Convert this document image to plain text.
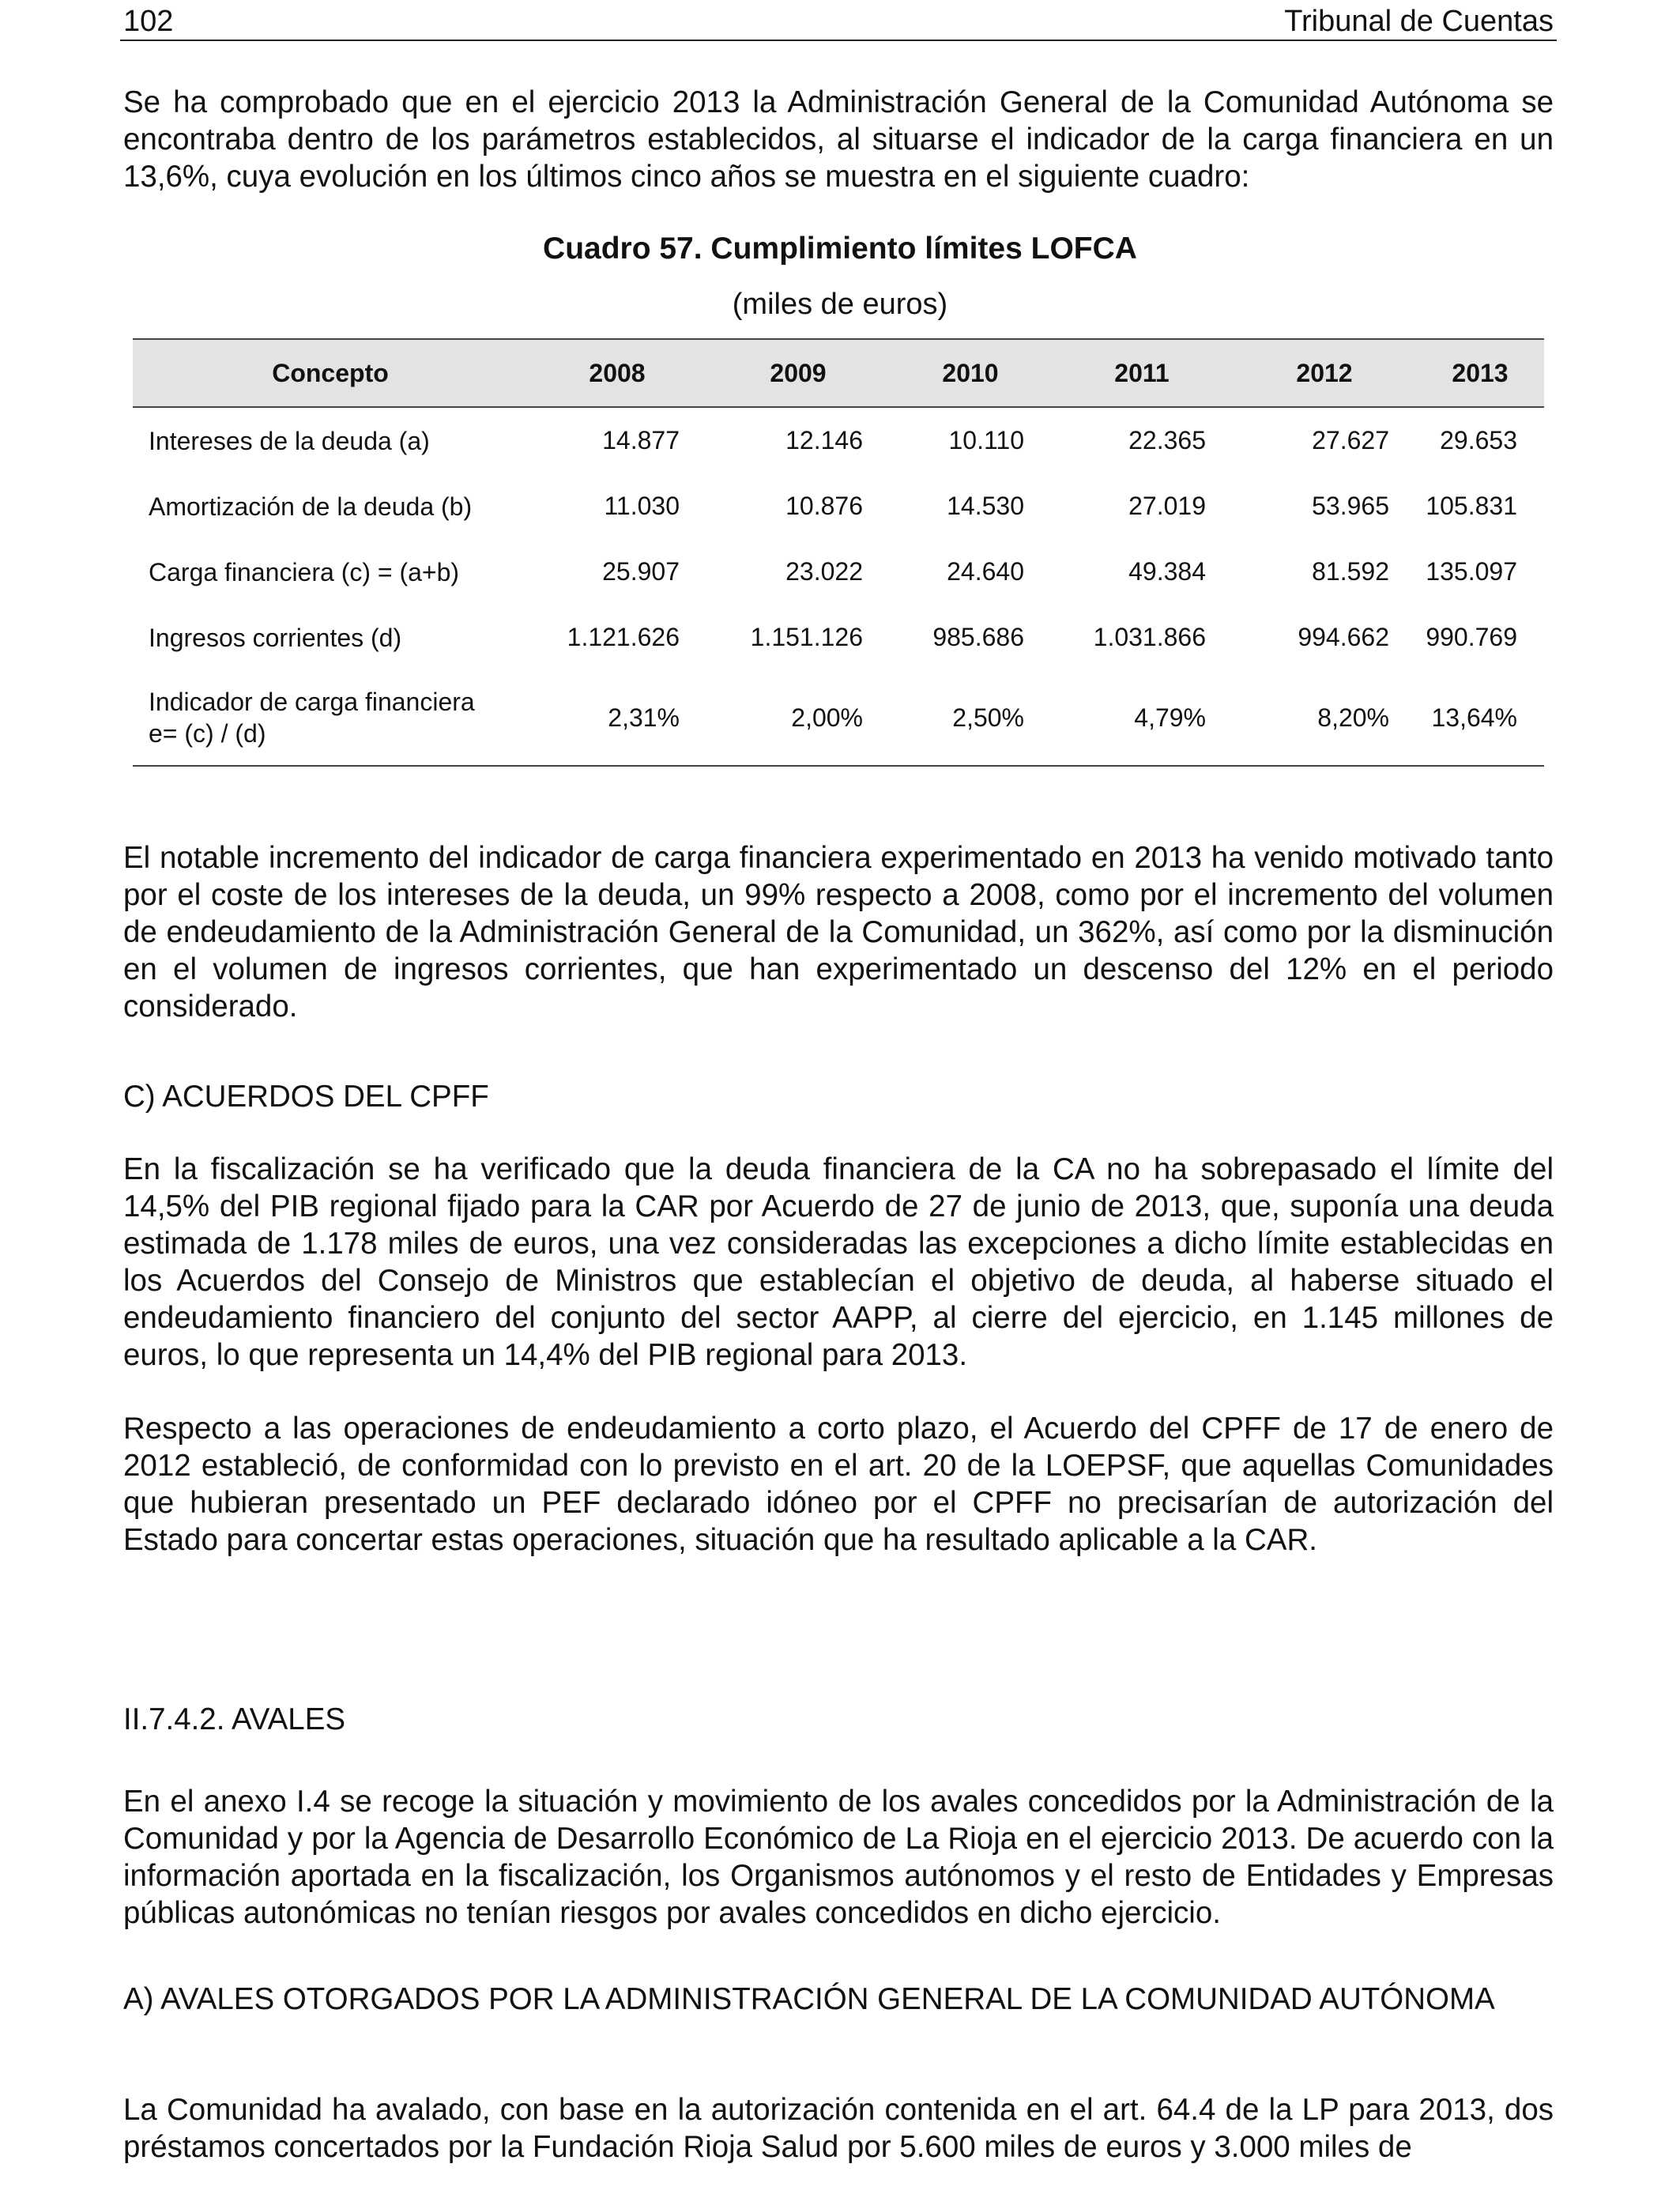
102	Tribunal de Cuentas

Se ha comprobado que en el ejercicio 2013 la Administración General de la Comunidad Autónoma se encontraba dentro de los parámetros establecidos, al situarse el indicador de la carga financiera en un 13,6%, cuya evolución en los últimos cinco años se muestra en el siguiente cuadro:

Cuadro 57. Cumplimiento límites LOFCA
(miles de euros)
Concepto	2008	2009	2010	2011	2012	2013
Intereses de la deuda (a)	14.877	12.146	10.110	22.365	27.627	29.653
Amortización de la deuda (b)	11.030	10.876	14.530	27.019	53.965	105.831
Carga financiera (c) = (a+b)	25.907	23.022	24.640	49.384	81.592	135.097
Ingresos corrientes (d)	1.121.626	1.151.126	985.686	1.031.866	994.662	990.769

Indicador de carga financiera
e= (c) / (d)	2,31%	2,00%	2,50%	4,79%	8,20%	13,64%

El notable incremento del indicador de carga financiera experimentado en 2013 ha venido motivado tanto por el coste de los intereses de la deuda, un 99% respecto a 2008, como por el incremento del volumen de endeudamiento de la Administración General de la Comunidad, un 362%, así como por la disminución en el volumen de ingresos corrientes, que han experimentado un descenso del 12% en el periodo considerado.

C) ACUERDOS DEL CPFF

En la fiscalización se ha verificado que la deuda financiera de la CA no ha sobrepasado el límite del 14,5% del PIB regional fijado para la CAR por Acuerdo de 27 de junio de 2013, que, suponía una deuda estimada de 1.178 miles de euros, una vez consideradas las excepciones a dicho límite establecidas en los Acuerdos del Consejo de Ministros que establecían el objetivo de deuda, al haberse situado el endeudamiento financiero del conjunto del sector AAPP, al cierre del ejercicio, en 1.145 millones de euros, lo que representa un 14,4% del PIB regional para 2013.

Respecto a las operaciones de endeudamiento a corto plazo, el Acuerdo del CPFF de 17 de enero de 2012 estableció, de conformidad con lo previsto en el art. 20 de la LOEPSF, que aquellas Comunidades que hubieran presentado un PEF declarado idóneo por el CPFF no precisarían de autorización del Estado para concertar estas operaciones, situación que ha resultado aplicable a la CAR.

II.7.4.2. AVALES

En el anexo I.4 se recoge la situación y movimiento de los avales concedidos por la Administración de la Comunidad y por la Agencia de Desarrollo Económico de La Rioja en el ejercicio 2013. De acuerdo con la información aportada en la fiscalización, los Organismos autónomos y el resto de Entidades y Empresas públicas autonómicas no tenían riesgos por avales concedidos en dicho ejercicio.

A) AVALES OTORGADOS POR LA ADMINISTRACIÓN GENERAL DE LA COMUNIDAD AUTÓNOMA

La Comunidad ha avalado, con base en la autorización contenida en el art. 64.4 de la LP para 2013, dos préstamos concertados por la Fundación Rioja Salud por 5.600 miles de euros y 3.000 miles de
